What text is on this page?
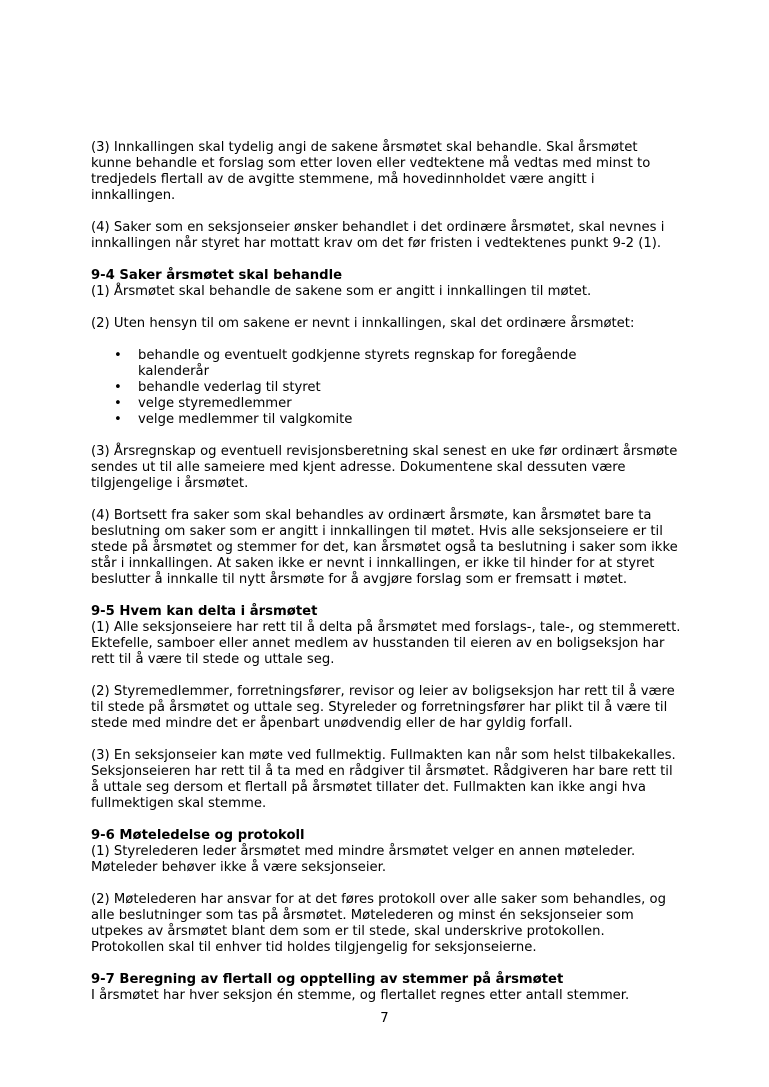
(3) Innkallingen skal tydelig angi de sakene årsmøtet skal behandle. Skal årsmøtet kunne behandle et forslag som etter loven eller vedtektene må vedtas med minst to tredjedels flertall av de avgitte stemmene, må hovedinnholdet være angitt i innkallingen.

(4) Saker som en seksjonseier ønsker behandlet i det ordinære årsmøtet, skal nevnes i innkallingen når styret har mottatt krav om det før fristen i vedtektenes punkt 9-2 (1).

9-4 Saker årsmøtet skal behandle

(1) Årsmøtet skal behandle de sakene som er angitt i innkallingen til møtet.

(2) Uten hensyn til om sakene er nevnt i innkallingen, skal det ordinære årsmøtet:

• behandle og eventuelt godkjenne styrets regnskap for foregående kalenderår
• behandle vederlag til styret
• velge styremedlemmer
• velge medlemmer til valgkomite

(3) Årsregnskap og eventuell revisjonsberetning skal senest en uke før ordinært årsmøte sendes ut til alle sameiere med kjent adresse. Dokumentene skal dessuten være tilgjengelige i årsmøtet.

(4) Bortsett fra saker som skal behandles av ordinært årsmøte, kan årsmøtet bare ta beslutning om saker som er angitt i innkallingen til møtet. Hvis alle seksjonseiere er til stede på årsmøtet og stemmer for det, kan årsmøtet også ta beslutning i saker som ikke står i innkallingen. At saken ikke er nevnt i innkallingen, er ikke til hinder for at styret beslutter å innkalle til nytt årsmøte for å avgjøre forslag som er fremsatt i møtet.

9-5 Hvem kan delta i årsmøtet

(1) Alle seksjonseiere har rett til å delta på årsmøtet med forslags-, tale-, og stemmerett. Ektefelle, samboer eller annet medlem av husstanden til eieren av en boligseksjon har rett til å være til stede og uttale seg.

(2) Styremedlemmer, forretningsfører, revisor og leier av boligseksjon har rett til å være til stede på årsmøtet og uttale seg. Styreleder og forretningsfører har plikt til å være til stede med mindre det er åpenbart unødvendig eller de har gyldig forfall.

(3) En seksjonseier kan møte ved fullmektig. Fullmakten kan når som helst tilbakekalles. Seksjonseieren har rett til å ta med en rådgiver til årsmøtet. Rådgiveren har bare rett til å uttale seg dersom et flertall på årsmøtet tillater det. Fullmakten kan ikke angi hva fullmektigen skal stemme.

9-6 Møteledelse og protokoll

(1) Styrelederen leder årsmøtet med mindre årsmøtet velger en annen møteleder. Møteleder behøver ikke å være seksjonseier.

(2) Møtelederen har ansvar for at det føres protokoll over alle saker som behandles, og alle beslutninger som tas på årsmøtet. Møtelederen og minst én seksjonseier som utpekes av årsmøtet blant dem som er til stede, skal underskrive protokollen. Protokollen skal til enhver tid holdes tilgjengelig for seksjonseierne.

9-7 Beregning av flertall og opptelling av stemmer på årsmøtet

I årsmøtet har hver seksjon én stemme, og flertallet regnes etter antall stemmer.

7
